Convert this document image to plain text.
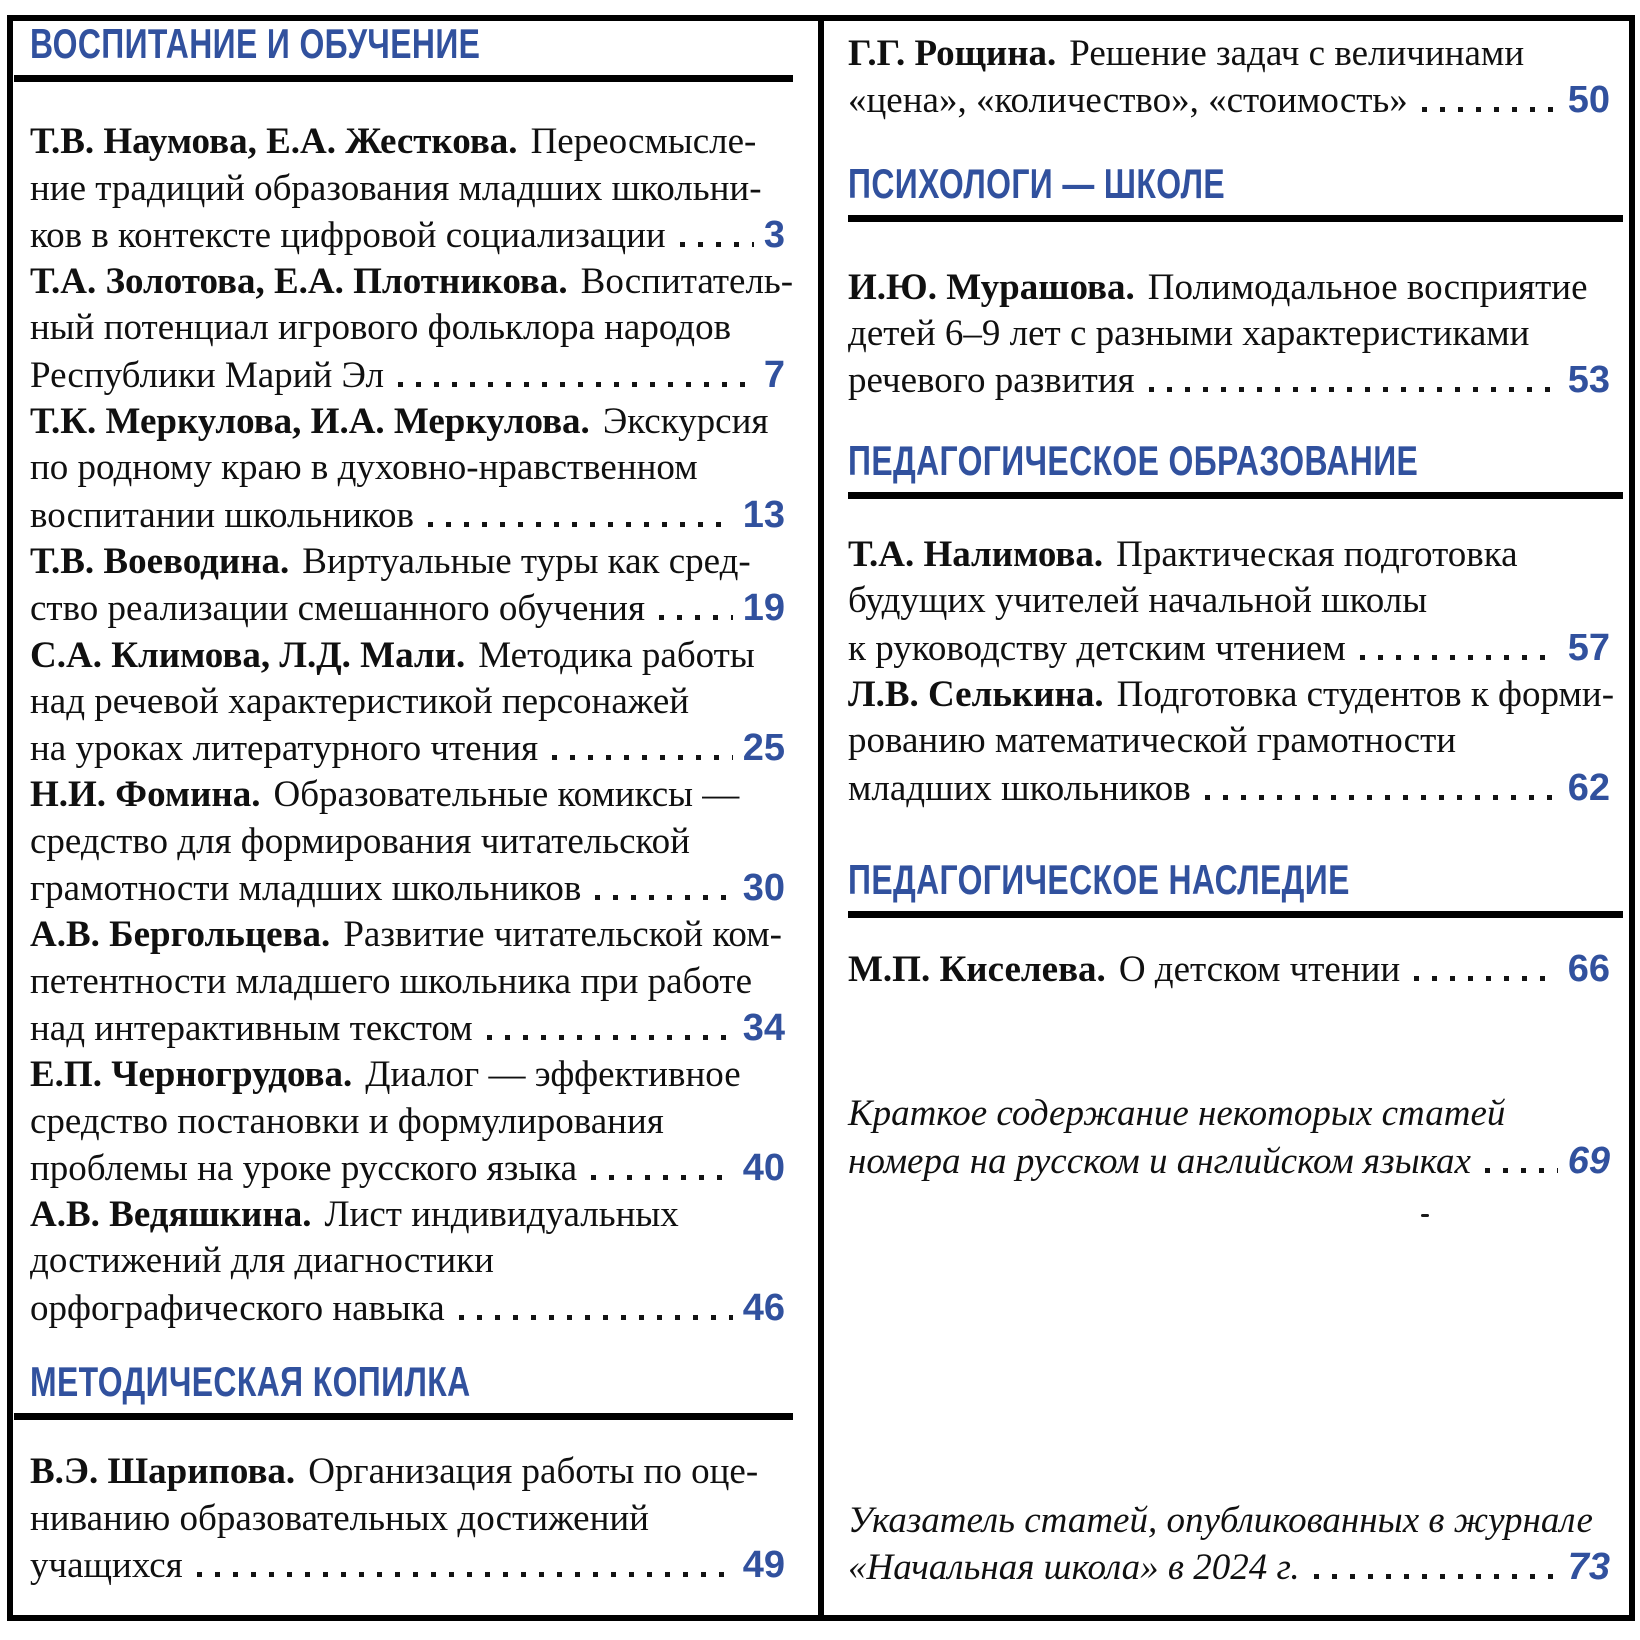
ВОСПИТАНИЕ И ОБУЧЕНИЕ
Т.В. Наумова, Е.А. Жесткова. Переосмысле-
ние традиций образования младших школьни-
ков в контексте цифровой социализации	3
Т.А. Золотова, Е.А. Плотникова. Воспитатель-
ный потенциал игрового фольклора народов
Республики Марий Эл	7
Т.К. Меркулова, И.А. Меркулова. Экскурсия
по родному краю в духовно-нравственном
воспитании школьников	13
Т.В. Воеводина. Виртуальные туры как сред-
ство реализации смешанного обучения	19
С.А. Климова, Л.Д. Мали. Методика работы
над речевой характеристикой персонажей
на уроках литературного чтения	25
Н.И. Фомина. Образовательные комиксы —
средство для формирования читательской
грамотности младших школьников	30
А.В. Бергольцева. Развитие читательской ком-
петентности младшего школьника при работе
над интерактивным текстом	34
Е.П. Черногрудова. Диалог — эффективное
средство постановки и формулирования
проблемы на уроке русского языка	40
А.В. Ведяшкина. Лист индивидуальных
достижений для диагностики
орфографического навыка	46
МЕТОДИЧЕСКАЯ КОПИЛКА
В.Э. Шарипова. Организация работы по оце-
ниванию образовательных достижений
учащихся	49
Г.Г. Рощина. Решение задач с величинами
«цена», «количество», «стоимость»	50
ПСИХОЛОГИ — ШКОЛЕ
И.Ю. Мурашова. Полимодальное восприятие
детей 6–9 лет с разными характеристиками
речевого развития	53
ПЕДАГОГИЧЕСКОЕ ОБРАЗОВАНИЕ
Т.А. Налимова. Практическая подготовка
будущих учителей начальной школы
к руководству детским чтением	57
Л.В. Селькина. Подготовка студентов к форми-
рованию математической грамотности
младших школьников	62
ПЕДАГОГИЧЕСКОЕ НАСЛЕДИЕ
М.П. Киселева. О детском чтении	66
Краткое содержание некоторых статей
номера на русском и английском языках	69
Указатель статей, опубликованных в журнале
«Начальная школа» в 2024 г.	73
